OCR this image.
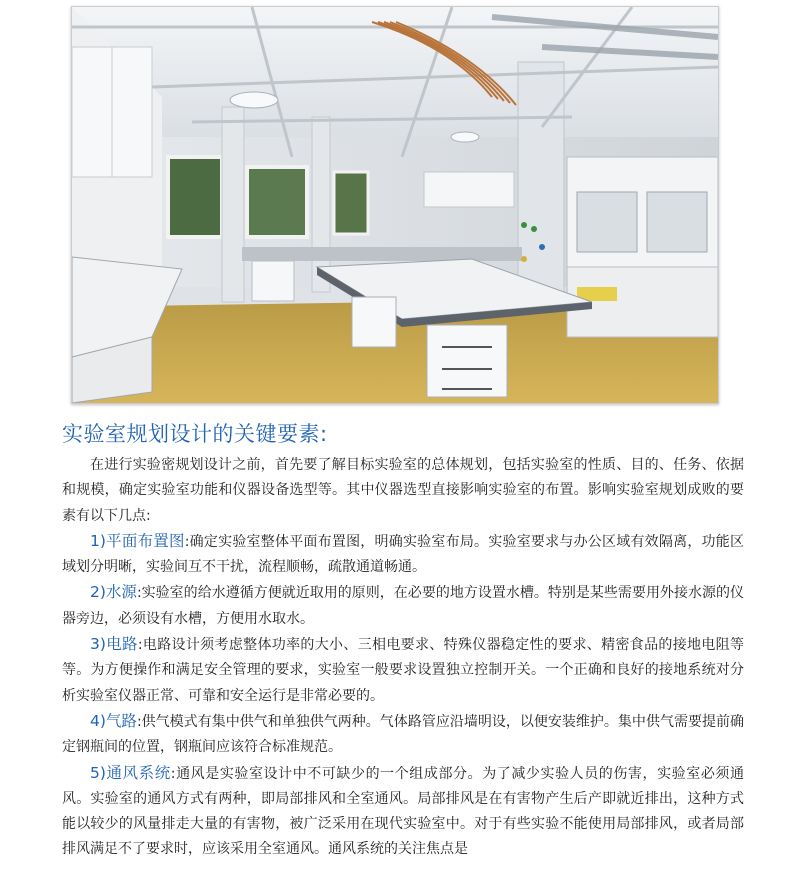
实验室规划设计的关键要素:

在进行实验密规划设计之前，首先要了解目标实验室的总体规划，包括实验室的性质、目的、任务、依据和规模，确定实验室功能和仪器设备选型等。其中仪器选型直接影响实验室的布置。影响实验室规划成败的要素有以下几点:

1)平面布置图:确定实验室整体平面布置图，明确实验室布局。实验室要求与办公区域有效隔离，功能区域划分明晰，实验间互不干扰，流程顺畅，疏散通道畅通。

2)水源:实验室的给水遵循方便就近取用的原则，在必要的地方设置水槽。特别是某些需要用外接水源的仪器旁边，必须设有水槽，方便用水取水。

3)电路:电路设计须考虑整体功率的大小、三相电要求、特殊仪器稳定性的要求、精密食品的接地电阻等等。为方便操作和满足安全管理的要求，实验室一般要求设置独立控制开关。一个正确和良好的接地系统对分析实验室仪器正常、可靠和安全运行是非常必要的。

4)气路:供气模式有集中供气和单独供气两种。气体路管应沿墙明设，以便安装维护。集中供气需要提前确定钢瓶间的位置，钢瓶间应该符合标准规范。

5)通风系统:通风是实验室设计中不可缺少的一个组成部分。为了减少实验人员的伤害，实验室必须通风。实验室的通风方式有两种，即局部排风和全室通风。局部排风是在有害物产生后产即就近排出，这种方式能以较少的风量排走大量的有害物，被广泛采用在现代实验室中。对于有些实验不能使用局部排风，或者局部排风满足不了要求时，应该采用全室通风。通风系统的关注焦点是
